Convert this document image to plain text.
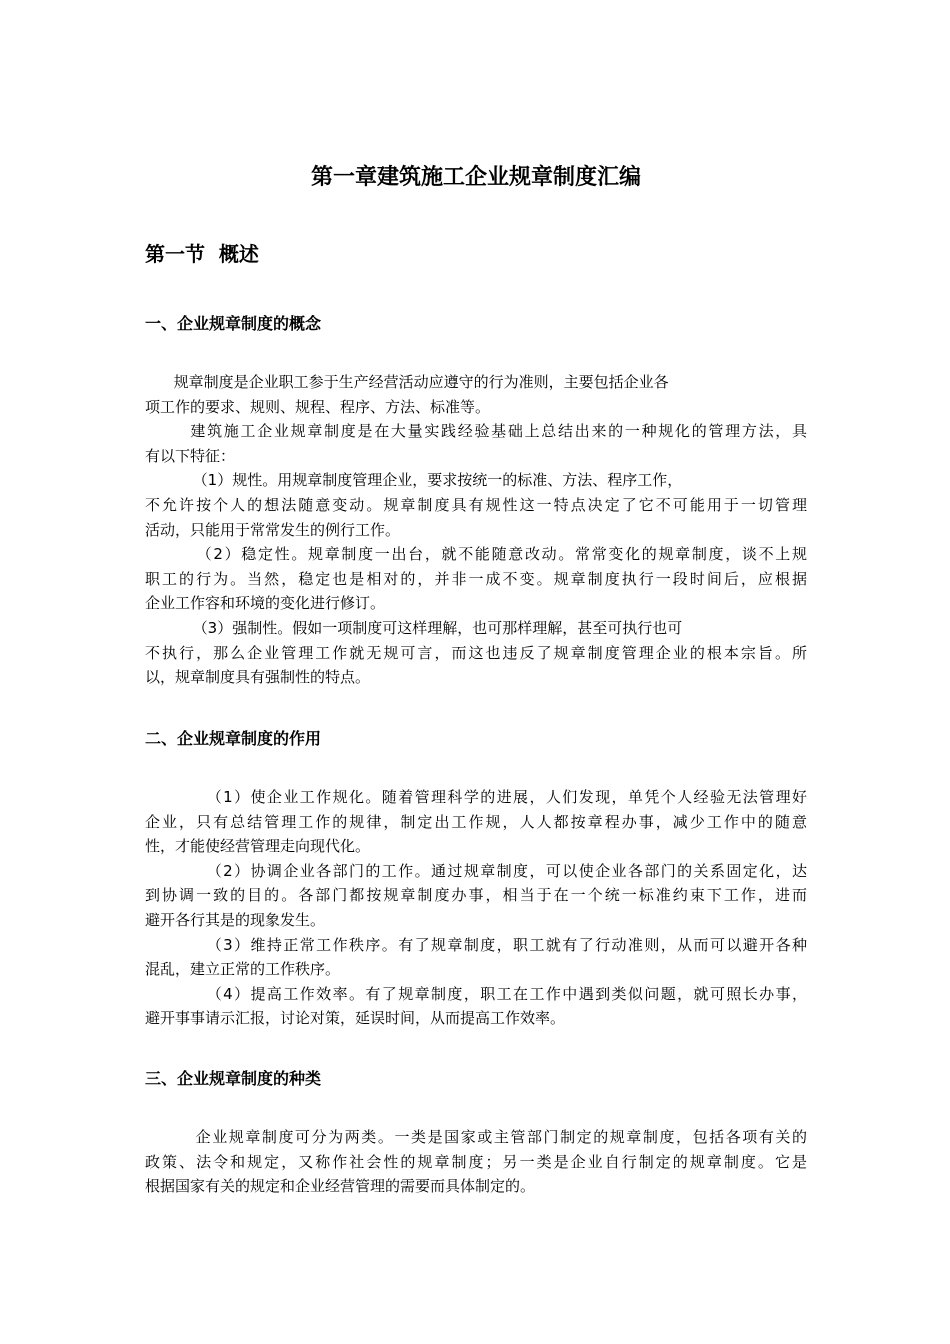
第一章建筑施工企业规章制度汇编
第一节  概述
一、企业规章制度的概念
规章制度是企业职工参于生产经营活动应遵守的行为准则，主要包括企业各
项工作的要求、规则、规程、程序、方法、标准等。
建筑施工企业规章制度是在大量实践经验基础上总结出来的一种规化的管理方法，具
有以下特征：
（1）规性。用规章制度管理企业，要求按统一的标准、方法、程序工作，
不允许按个人的想法随意变动。规章制度具有规性这一特点决定了它不可能用于一切管理
活动，只能用于常常发生的例行工作。
（2）稳定性。规章制度一出台，就不能随意改动。常常变化的规章制度，谈不上规
职工的行为。当然，稳定也是相对的，并非一成不变。规章制度执行一段时间后，应根据
企业工作容和环境的变化进行修订。
（3）强制性。假如一项制度可这样理解，也可那样理解，甚至可执行也可
不执行，那么企业管理工作就无规可言，而这也违反了规章制度管理企业的根本宗旨。所
以，规章制度具有强制性的特点。
二、企业规章制度的作用
（1）使企业工作规化。随着管理科学的进展，人们发现，单凭个人经验无法管理好
企业，只有总结管理工作的规律，制定出工作规，人人都按章程办事，减少工作中的随意
性，才能使经营管理走向现代化。
（2）协调企业各部门的工作。通过规章制度，可以使企业各部门的关系固定化，达
到协调一致的目的。各部门都按规章制度办事，相当于在一个统一标准约束下工作，进而
避开各行其是的现象发生。
（3）维持正常工作秩序。有了规章制度，职工就有了行动准则，从而可以避开各种
混乱，建立正常的工作秩序。
（4）提高工作效率。有了规章制度，职工在工作中遇到类似问题，就可照长办事，
避开事事请示汇报，讨论对策，延误时间，从而提高工作效率。
三、企业规章制度的种类
企业规章制度可分为两类。一类是国家或主管部门制定的规章制度，包括各项有关的
政策、法令和规定，又称作社会性的规章制度；另一类是企业自行制定的规章制度。它是
根据国家有关的规定和企业经营管理的需要而具体制定的。
